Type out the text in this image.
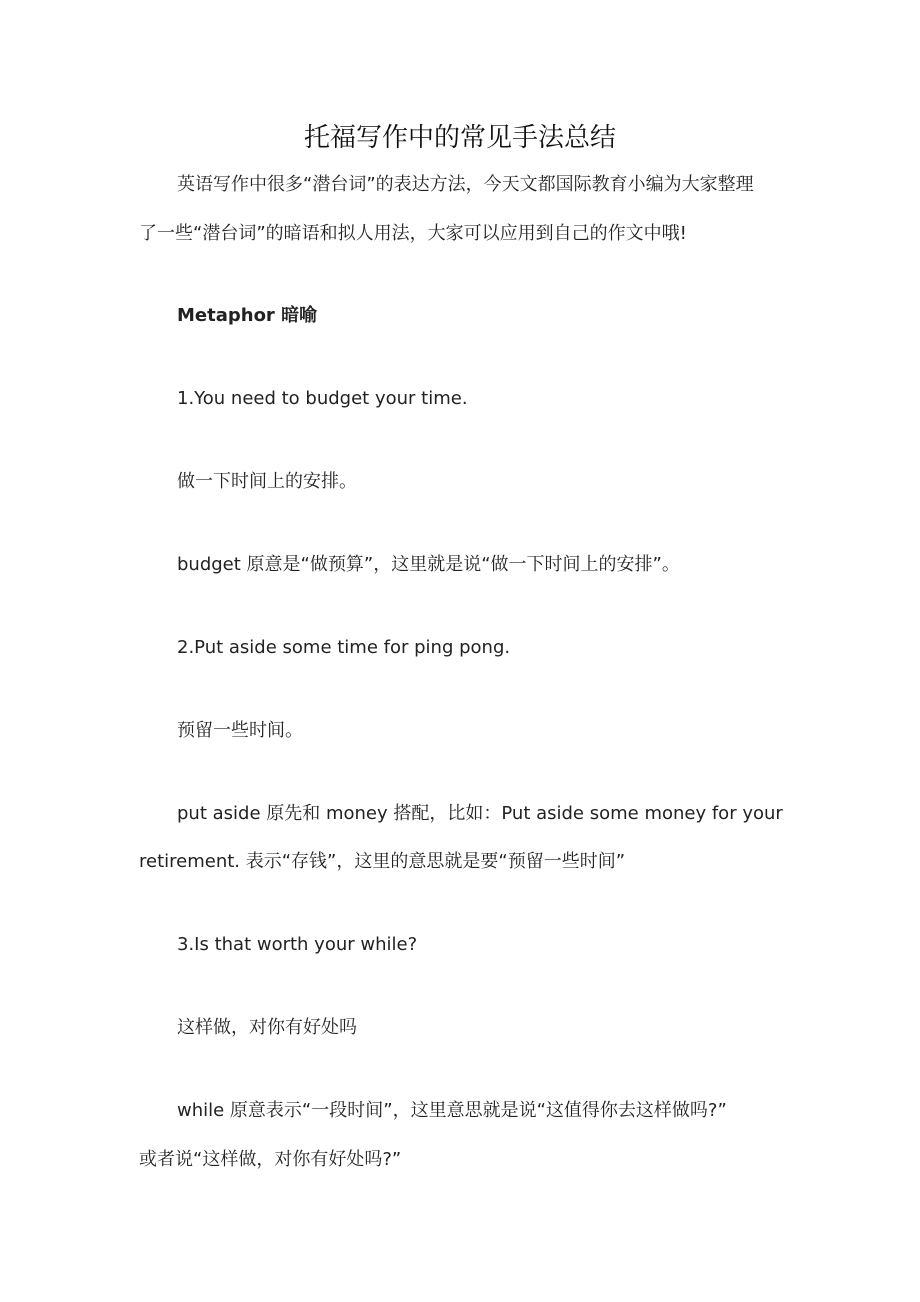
托福写作中的常见手法总结
英语写作中很多“潜台词”的表达方法，今天文都国际教育小编为大家整理
了一些“潜台词”的暗语和拟人用法，大家可以应用到自己的作文中哦!
Metaphor 暗喻
1.You need to budget your time.
做一下时间上的安排。
budget 原意是“做预算”，这里就是说“做一下时间上的安排”。
2.Put aside some time for ping pong.
预留一些时间。
put aside 原先和 money 搭配，比如：Put aside some money for your
retirement. 表示“存钱”，这里的意思就是要“预留一些时间”
3.Is that worth your while?
这样做，对你有好处吗
while 原意表示“一段时间”，这里意思就是说“这值得你去这样做吗?”
或者说“这样做，对你有好处吗?”
